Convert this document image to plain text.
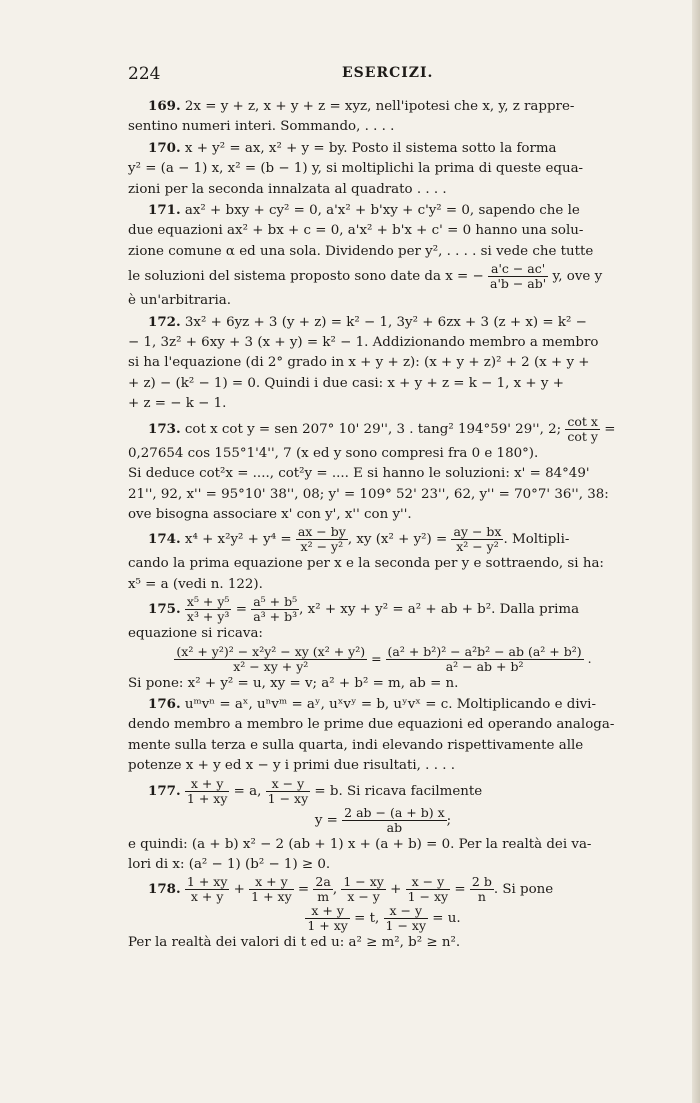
224	ESERCIZI.

169. 2x = y + z, x + y + z = xyz, nell'ipotesi che x, y, z rappre-
sentino numeri interi. Sommando, . . . .

170. x + y² = ax, x² + y = by. Posto il sistema sotto la forma
y² = (a − 1) x, x² = (b − 1) y, si moltiplichi la prima di queste equa-
zioni per la seconda innalzata al quadrato . . . .

171. ax² + bxy + cy² = 0, a'x² + b'xy + c'y² = 0, sapendo che le
due equazioni ax² + bx + c = 0, a'x² + b'x + c' = 0 hanno una solu-
zione comune α ed una sola. Dividendo per y², . . . . si vede che tutte
le soluzioni del sistema proposto sono date da x = − $\frac{a'c - ac'}{a'b - ab'} y$, ove y
è un'arbitraria.

172. 3x² + 6yz + 3 (y + z) = k² − 1, 3y² + 6zx + 3 (z + x) = k² −
− 1, 3z² + 6xy + 3 (x + y) = k² − 1. Addizionando membro a membro
si ha l'equazione (di 2° grado in x + y + z): (x + y + z)² + 2 (x + y +
+ z) − (k² − 1) = 0. Quindi i due casi: x + y + z = k − 1, x + y +
+ z = − k − 1.

173. cot x cot y = sen 207° 10' 29'', 3 . tang² 194°59' 29'', 2; $\frac{\text{cot x}}{\text{cot y}}$ =
0,27654 cos 155°1'4'', 7 (x ed y sono compresi fra 0 e 180°).
Si deduce cot²x = ...., cot²y = .... E si hanno le soluzioni: x' = 84°49'
21'', 92, x'' = 95°10' 38'', 08; y' = 109° 52' 23'', 62, y'' = 70°7' 36'', 38:
ove bisogna associare x' con y', x'' con y''.

174. $x^4 + x^2y^2 + y^4 = \frac{ax - by}{\text{x² − y²}}$ , xy $(x^2 + y^2) = \frac{ay - bx}{\text{x² − y²}}$ . Moltipli-
cando la prima equazione per x e la seconda per y e sottraendo, si ha:
x⁵ = a (vedi n. 122).

175. $\frac{\text{x⁵ + y⁵}}{\text{x³ + y³}} = \frac{\text{a⁵ + b⁵}}{\text{a³ + b³}}$ , x² + xy + y² = a² + ab + b². Dalla prima
equazione si ricava:

$\frac{\text{(x² + y²)² − x²y² − xy (x² + y²)}}{\text{x² − xy + y²}} = \frac{\text{(a² + b²)² − a²b² − ab (a² + b²)}}{\text{a² − ab + b²}}$ .

Si pone: x² + y² = u, xy = v; a² + b² = m, ab = n.

176. uᵐvⁿ = aˣ, uⁿvᵐ = aʸ, uˣvʸ = b, uʸvˣ = c. Moltiplicando e divi-
dendo membro a membro le prime due equazioni ed operando analoga-
mente sulla terza e sulla quarta, indi elevando rispettivamente alle
potenze x + y ed x − y i primi due risultati, . . . .

177. $\frac{x + y}{1 + xy} = a$, $\frac{x - y}{1 - xy} = b$. Si ricava facilmente

$y = \frac{2 ab - (a + b) x}{ab}$ ;

e quindi: (a + b) x² − 2 (ab + 1) x + (a + b) = 0. Per la realtà dei va-
lori di x: (a² − 1) (b² − 1) ≥ 0.

178. $\frac{1 + xy}{x + y} + \frac{x + y}{1 + xy} = \frac{2a}{m}$ , $\frac{1 - xy}{x - y} + \frac{x - y}{1 - xy} = \frac{2 b}{n}$ . Si pone

$\frac{x + y}{1 + xy} = t$, $\frac{x - y}{1 - xy} = u$.

Per la realtà dei valori di t ed u: a² ≥ m², b² ≥ n².
